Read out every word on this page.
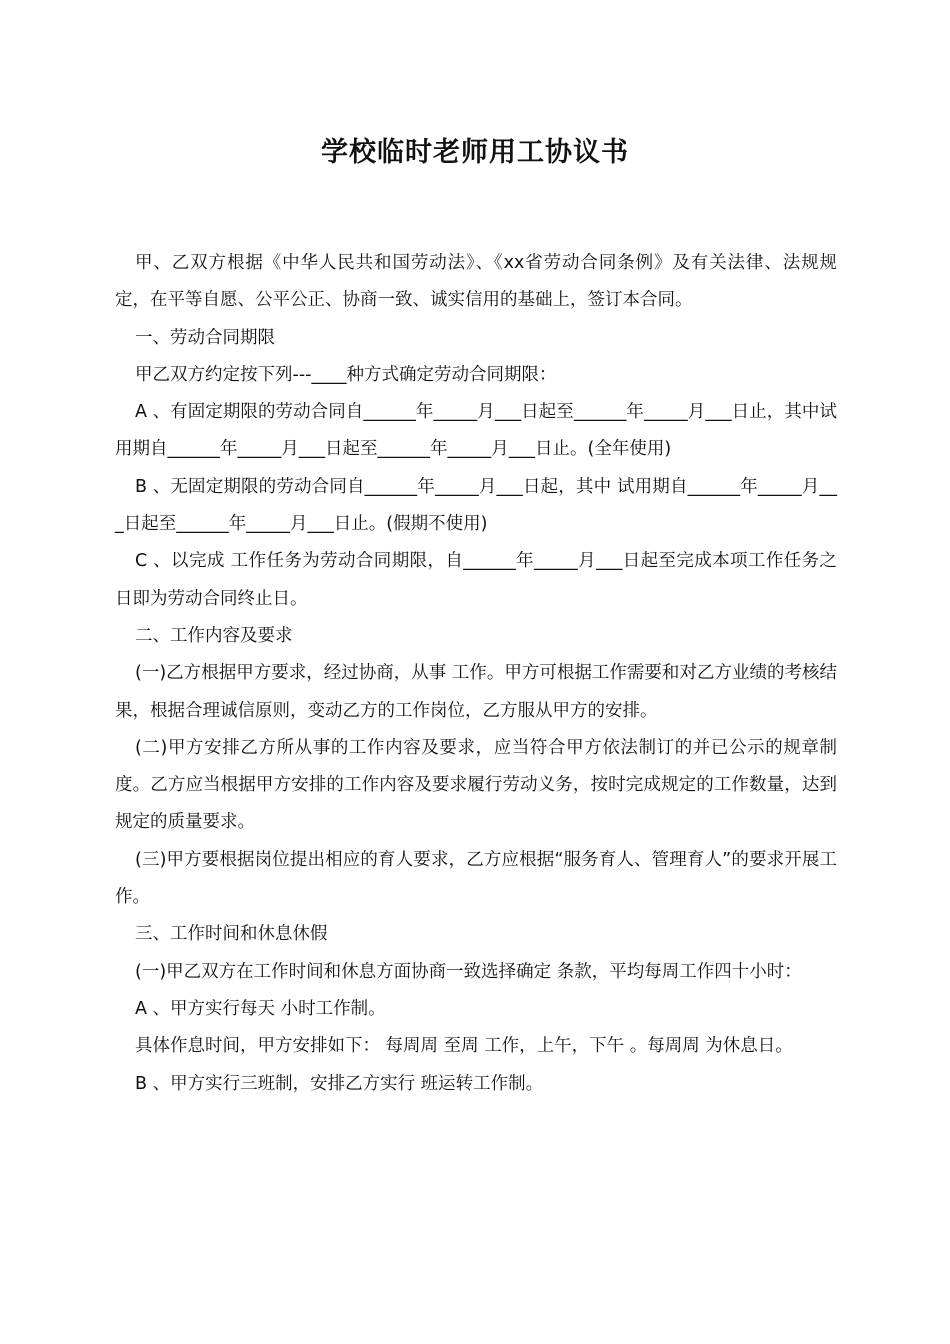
学校临时老师用工协议书

甲、乙双方根据《中华人民共和国劳动法》、《xx省劳动合同条例》及有关法律、法规规定，在平等自愿、公平公正、协商一致、诚实信用的基础上，签订本合同。

一、劳动合同期限

甲乙双方约定按下列---____种方式确定劳动合同期限：

A 、有固定期限的劳动合同自______年_____月___日起至______年_____月___日止，其中试用期自______年_____月___日起至______年_____月___日止。(全年使用)

B 、无固定期限的劳动合同自______年_____月___日起，其中 试用期自______年_____月___日起至______年_____月___日止。(假期不使用)

C 、以完成 工作任务为劳动合同期限，自______年_____月___日起至完成本项工作任务之日即为劳动合同终止日。

二、工作内容及要求

(一)乙方根据甲方要求，经过协商，从事 工作。甲方可根据工作需要和对乙方业绩的考核结果，根据合理诚信原则，变动乙方的工作岗位，乙方服从甲方的安排。

(二)甲方安排乙方所从事的工作内容及要求，应当符合甲方依法制订的并已公示的规章制度。乙方应当根据甲方安排的工作内容及要求履行劳动义务，按时完成规定的工作数量，达到规定的质量要求。

(三)甲方要根据岗位提出相应的育人要求，乙方应根据“服务育人、管理育人”的要求开展工作。

三、工作时间和休息休假

(一)甲乙双方在工作时间和休息方面协商一致选择确定 条款，平均每周工作四十小时：

A 、甲方实行每天 小时工作制。

具体作息时间，甲方安排如下： 每周周 至周 工作，上午，下午 。每周周 为休息日。

B 、甲方实行三班制，安排乙方实行 班运转工作制。
